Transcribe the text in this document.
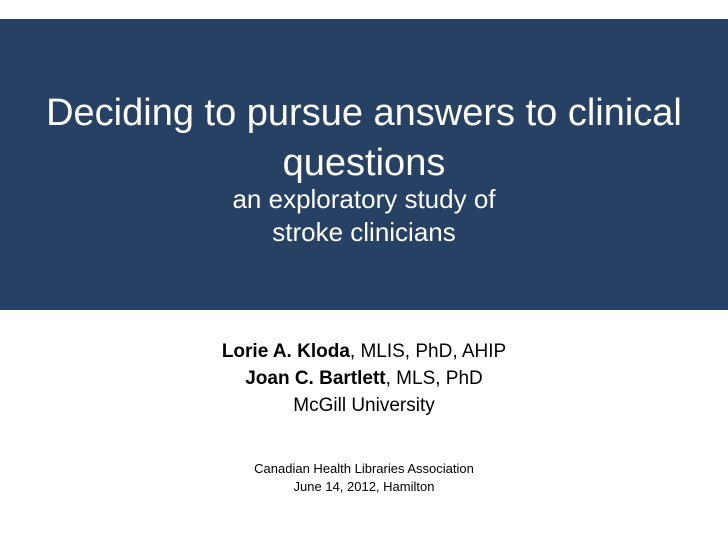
Deciding to pursue answers to clinical
questions
an exploratory study of
stroke clinicians
Lorie A. Kloda, MLIS, PhD, AHIP
Joan C. Bartlett, MLS, PhD
McGill University
Canadian Health Libraries Association
June 14, 2012, Hamilton
